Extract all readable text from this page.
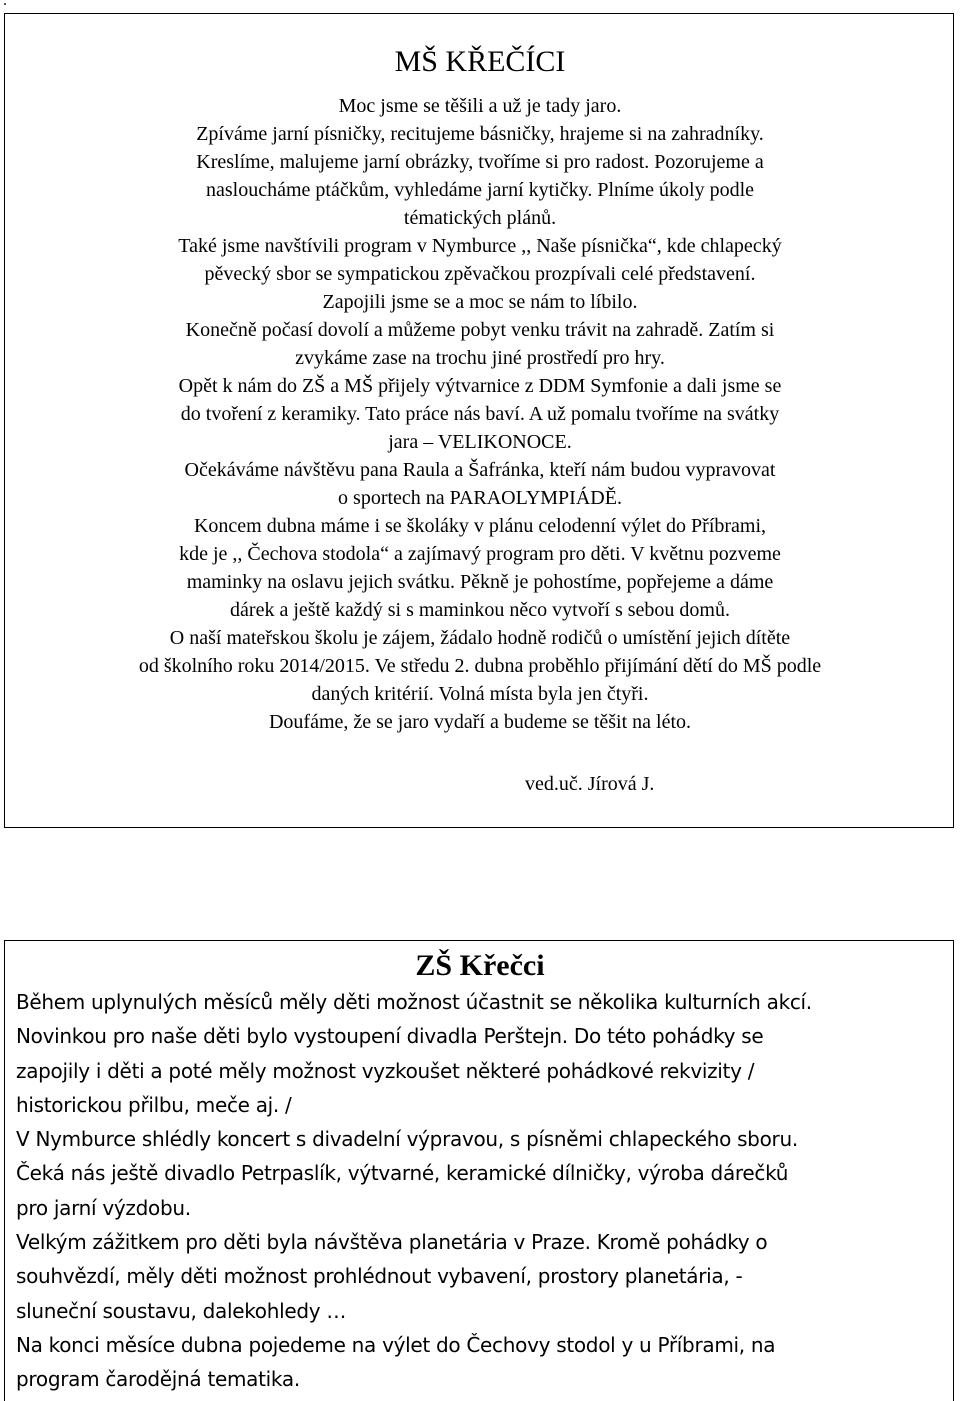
.
MŠ KŘEČÍCI
Moc jsme se těšili a už je tady jaro.
Zpíváme jarní písničky, recitujeme básničky, hrajeme si na zahradníky.
Kreslíme, malujeme jarní obrázky, tvoříme si pro radost. Pozorujeme a
nasloucháme ptáčkům, vyhledáme jarní kytičky. Plníme úkoly podle
tématických plánů.
Také jsme navštívili program v Nymburce ,, Naše písnička“, kde chlapecký
pěvecký sbor se sympatickou zpěvačkou prozpívali celé představení.
Zapojili jsme se a moc se nám to líbilo.
Konečně počasí dovolí a můžeme pobyt venku trávit na zahradě. Zatím si
zvykáme zase na trochu jiné prostředí pro hry.
Opět k nám do ZŠ a MŠ přijely výtvarnice z DDM Symfonie a dali jsme se
do tvoření z keramiky. Tato práce nás baví. A už pomalu tvoříme na svátky
jara – VELIKONOCE.
Očekáváme návštěvu pana Raula a Šafránka, kteří nám budou vypravovat
o sportech na PARAOLYMPIÁDĚ.
Koncem dubna máme i se školáky v plánu celodenní výlet do Příbrami,
kde je ,, Čechova stodola“ a zajímavý program pro děti. V květnu pozveme
maminky na oslavu jejich svátku. Pěkně je pohostíme, popřejeme a dáme
dárek a ještě každý si s maminkou něco vytvoří s sebou domů.
O naší mateřskou školu je zájem, žádalo hodně rodičů o umístění jejich dítěte
od školního roku 2014/2015. Ve středu 2. dubna proběhlo přijímání dětí do MŠ podle
daných kritérií. Volná místa byla jen čtyři.
Doufáme, že se jaro vydaří a budeme se těšit na léto.
ved.uč. Jírová J.
ZŠ Křečci
Během uplynulých měsíců měly děti možnost účastnit se několika kulturních akcí.
Novinkou pro naše děti bylo vystoupení divadla Perštejn. Do této pohádky se
zapojily i děti a poté měly možnost vyzkoušet některé pohádkové rekvizity /
historickou přilbu, meče aj. /
V Nymburce shlédly koncert s divadelní výpravou, s písněmi chlapeckého sboru.
Čeká nás ještě divadlo Petrpaslík, výtvarné, keramické dílničky, výroba dárečků
pro jarní výzdobu.
Velkým zážitkem pro děti byla návštěva planetária v Praze. Kromě pohádky o
souhvězdí, měly děti možnost prohlédnout vybavení, prostory planetária, -
sluneční soustavu, dalekohledy …
Na konci měsíce dubna pojedeme na výlet do Čechovy stodol y u Příbrami, na
program čarodějná tematika.
